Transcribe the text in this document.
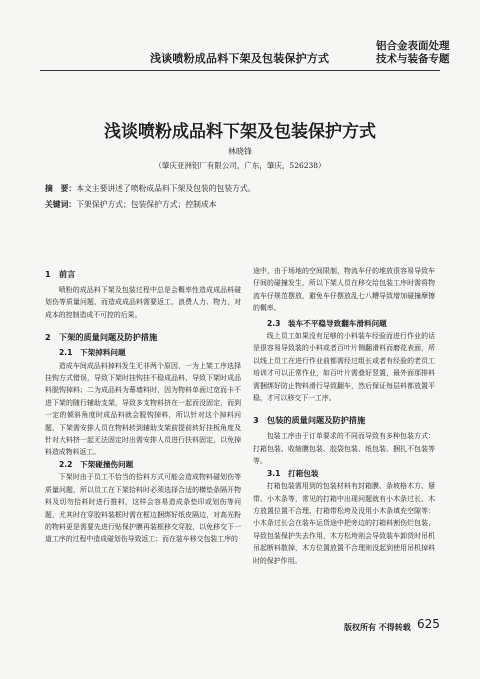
浅谈喷粉成品料下架及包装保护方式
铝合金表面处理
技术与装备专题
浅谈喷粉成品料下架及包装保护方式
林晓锋
（肇庆亚洲铝厂有限公司，广东，肇庆，526238）
摘　要：本文主要讲述了喷粉成品料下架及包装的包装方式。
关键词：下架保护方式；包装保护方式；控制成本
1　前言

喷粉的成品料下架及包装过程中总是会概率性造成成品料碰划伤等质量问题，而造成成品料需要返工，浪费人力、物力，对成本的控制造成不可控的后果。

2　下架的质量问题及防护措施
2.1　下架掉料问题

造成车间成品料掉料发生无非两个原因，一为上架工序选择挂钩方式错误，导致下架时挂钩挂不稳成品料，导致下架时成品料脱钩掉料；二为成品料为幕墙料时，因为物料单面过宽而卡不进下架的随行辅助支架，导致多支物料挤在一起而没固定，而到一定的倾斜角度时成品料就会脱钩掉料，所以针对这个掉料问题，下架需安排人员在物料转到辅助支架前提前转好挂板角度及针对大料挤一起无法固定时出需安排人员进行扶料固定，以免掉料造成物料返工。

2.2　下架碰撞伤问题

下架时由于员工不恰当的拾料方式可能会造成物料碰划伤等质量问题，所以员工在下架拾料时必须选择合适的横垫条隔开物料及切勿拾料时进行推料，这样会容易造成条垫印或划伤等问题，尤其时在穿胶料装框时需在框边捆绑好纸皮隔边，对高光粉的物料更是需要先进行贴保护膜再装框移交穿胶，以免移交下一道工序的过程中造成碰划伤导致返工；而在装车移交包装工序的

途中，由于场地的空间限制，物流车仔的堆放很容易导致车仔间的碰撞发生，所以下架人员在移交给包装工序时需将物流车仔规范摆放，避免车仔摆放乱七八糟导致增加碰撞摩擦的概率。

2.3　装车不平稳导致翻车滑料问题

线上员工如果没有足够的小料装车经验而进行作业的话是很容易导致装的小料或者百叶片侧翻滑料而磨花表面，所以线上员工在进行作业前都需经过组长或者有经验的老员工培训才可以正常作业，如百叶片需叠好竖置，最外面那排料需捆绑好防止物料滑行导致翻车，然后保证每层料都放置平稳，才可以移交下一工序。

3　包装的质量问题及防护措施

包装工序由于订单要求的不同而导致有多种包装方式：打箱包装、收缩膜包装、胶袋包装、纸包装、捆扎不包装等等。

3.1　打箱包装

打箱包装需用到的包装材料有封箱膜、条坡格木方、掰带、小木条等，常见的打箱中出现问题就有小木条过长、木方放置位置不合理、打箱带松垮及没用小木条填充空隙等：小木条过长会在装车运货途中把旁边的打箱料割伤烂包装，导致包装保护失去作用，木方松垮则会导致装车卸货时吊机吊起断料散掉，木方位置放置不合理则没起到使用吊机掉料时的保护作用。

版权所有 不得转载 625
